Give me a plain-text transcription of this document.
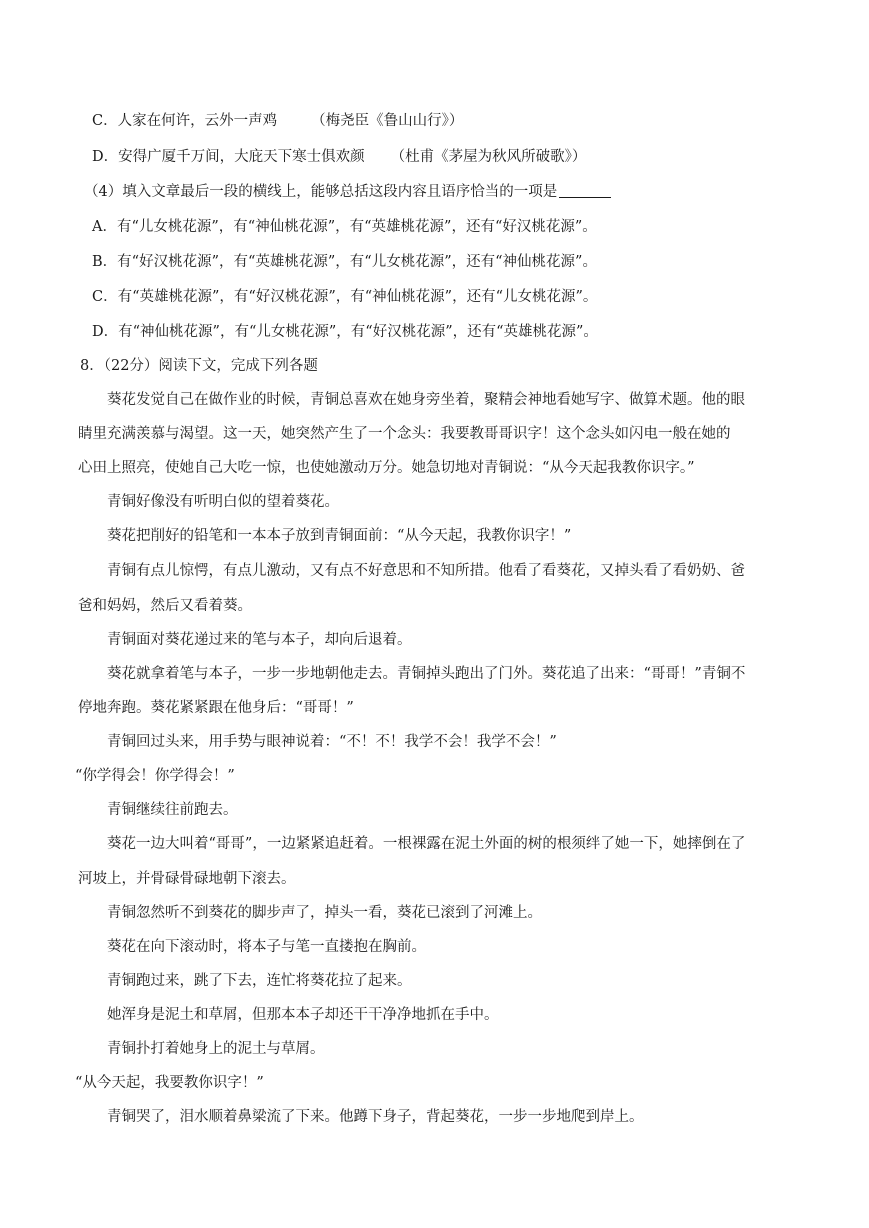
C．人家在何许，云外一声鸡 （梅尧臣《鲁山山行》）
D．安得广厦千万间，大庇天下寒士俱欢颜 （杜甫《茅屋为秋风所破歌》）
（4）填入文章最后一段的横线上，能够总括这段内容且语序恰当的一项是
A．有“儿女桃花源”，有“神仙桃花源”，有“英雄桃花源”，还有“好汉桃花源”。
B．有“好汉桃花源”，有“英雄桃花源”，有“儿女桃花源”，还有“神仙桃花源”。
C．有“英雄桃花源”，有“好汉桃花源”，有“神仙桃花源”，还有“儿女桃花源”。
D．有“神仙桃花源”，有“儿女桃花源”，有“好汉桃花源”，还有“英雄桃花源”。
8．（22分）阅读下文，完成下列各题
葵花发觉自己在做作业的时候，青铜总喜欢在她身旁坐着，聚精会神地看她写字、做算术题。他的眼
睛里充满羡慕与渴望。这一天，她突然产生了一个念头：我要教哥哥识字！这个念头如闪电一般在她的
心田上照亮，使她自己大吃一惊，也使她激动万分。她急切地对青铜说：“从今天起我教你识字。”
青铜好像没有听明白似的望着葵花。
葵花把削好的铅笔和一本本子放到青铜面前：“从今天起，我教你识字！”
青铜有点儿惊愕，有点儿激动，又有点不好意思和不知所措。他看了看葵花，又掉头看了看奶奶、爸
爸和妈妈，然后又看着葵。
青铜面对葵花递过来的笔与本子，却向后退着。
葵花就拿着笔与本子，一步一步地朝他走去。青铜掉头跑出了门外。葵花追了出来：“哥哥！”青铜不
停地奔跑。葵花紧紧跟在他身后：“哥哥！”
青铜回过头来，用手势与眼神说着：“不！不！我学不会！我学不会！”
“你学得会！你学得会！”
青铜继续往前跑去。
葵花一边大叫着“哥哥”，一边紧紧追赶着。一根裸露在泥土外面的树的根须绊了她一下，她摔倒在了
河坡上，并骨碌骨碌地朝下滚去。
青铜忽然听不到葵花的脚步声了，掉头一看，葵花已滚到了河滩上。
葵花在向下滚动时，将本子与笔一直搂抱在胸前。
青铜跑过来，跳了下去，连忙将葵花拉了起来。
她浑身是泥土和草屑，但那本本子却还干干净净地抓在手中。
青铜扑打着她身上的泥土与草屑。
“从今天起，我要教你识字！”
青铜哭了，泪水顺着鼻梁流了下来。他蹲下身子，背起葵花，一步一步地爬到岸上。
